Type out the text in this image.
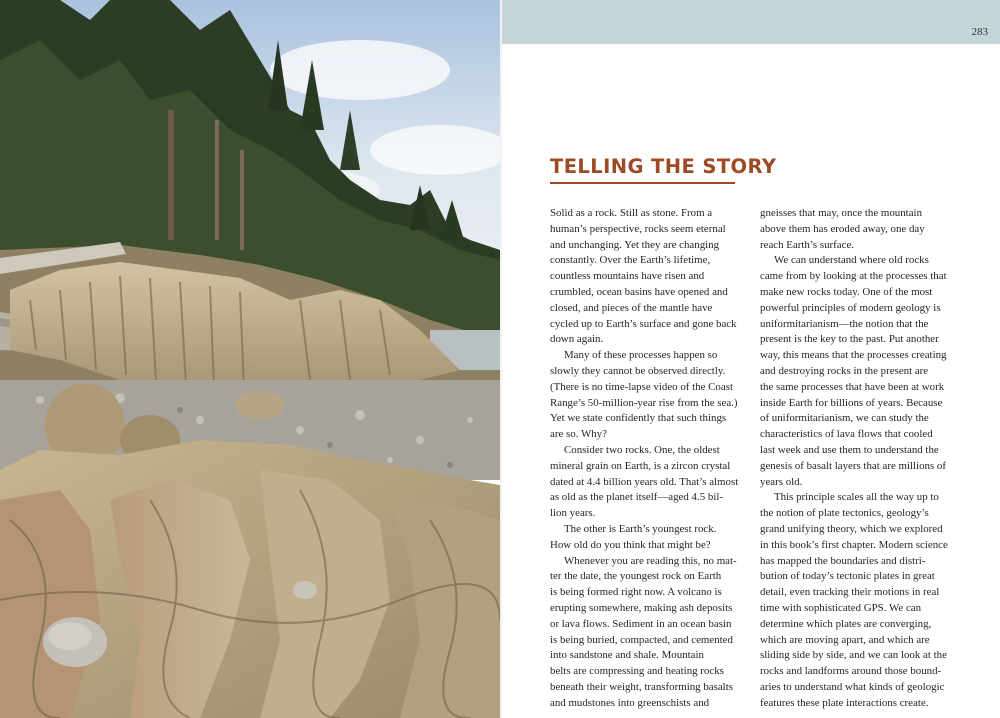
283
TELLING THE STORY

Solid as a rock. Still as stone. From a
human’s perspective, rocks seem eternal
and unchanging. Yet they are changing
constantly. Over the Earth’s lifetime,
countless mountains have risen and
crumbled, ocean basins have opened and
closed, and pieces of the mantle have
cycled up to Earth’s surface and gone back
down again.

Many of these processes happen so
slowly they cannot be observed directly.
(There is no time-lapse video of the Coast
Range’s 50-million-year rise from the sea.)
Yet we state confidently that such things
are so. Why?

Consider two rocks. One, the oldest
mineral grain on Earth, is a zircon crystal
dated at 4.4 billion years old. That’s almost
as old as the planet itself—aged 4.5 bil-
lion years.

The other is Earth’s youngest rock.
How old do you think that might be?

Whenever you are reading this, no mat-
ter the date, the youngest rock on Earth
is being formed right now. A volcano is
erupting somewhere, making ash deposits
or lava flows. Sediment in an ocean basin
is being buried, compacted, and cemented
into sandstone and shale. Mountain
belts are compressing and heating rocks
beneath their weight, transforming basalts
and mudstones into greenschists and

gneisses that may, once the mountain
above them has eroded away, one day
reach Earth’s surface.

We can understand where old rocks
came from by looking at the processes that
make new rocks today. One of the most
powerful principles of modern geology is
uniformitarianism—the notion that the
present is the key to the past. Put another
way, this means that the processes creating
and destroying rocks in the present are
the same processes that have been at work
inside Earth for billions of years. Because
of uniformitarianism, we can study the
characteristics of lava flows that cooled
last week and use them to understand the
genesis of basalt layers that are millions of
years old.

This principle scales all the way up to
the notion of plate tectonics, geology’s
grand unifying theory, which we explored
in this book’s first chapter. Modern science
has mapped the boundaries and distri-
bution of today’s tectonic plates in great
detail, even tracking their motions in real
time with sophisticated GPS. We can
determine which plates are converging,
which are moving apart, and which are
sliding side by side, and we can look at the
rocks and landforms around those bound-
aries to understand what kinds of geologic
features these plate interactions create.
